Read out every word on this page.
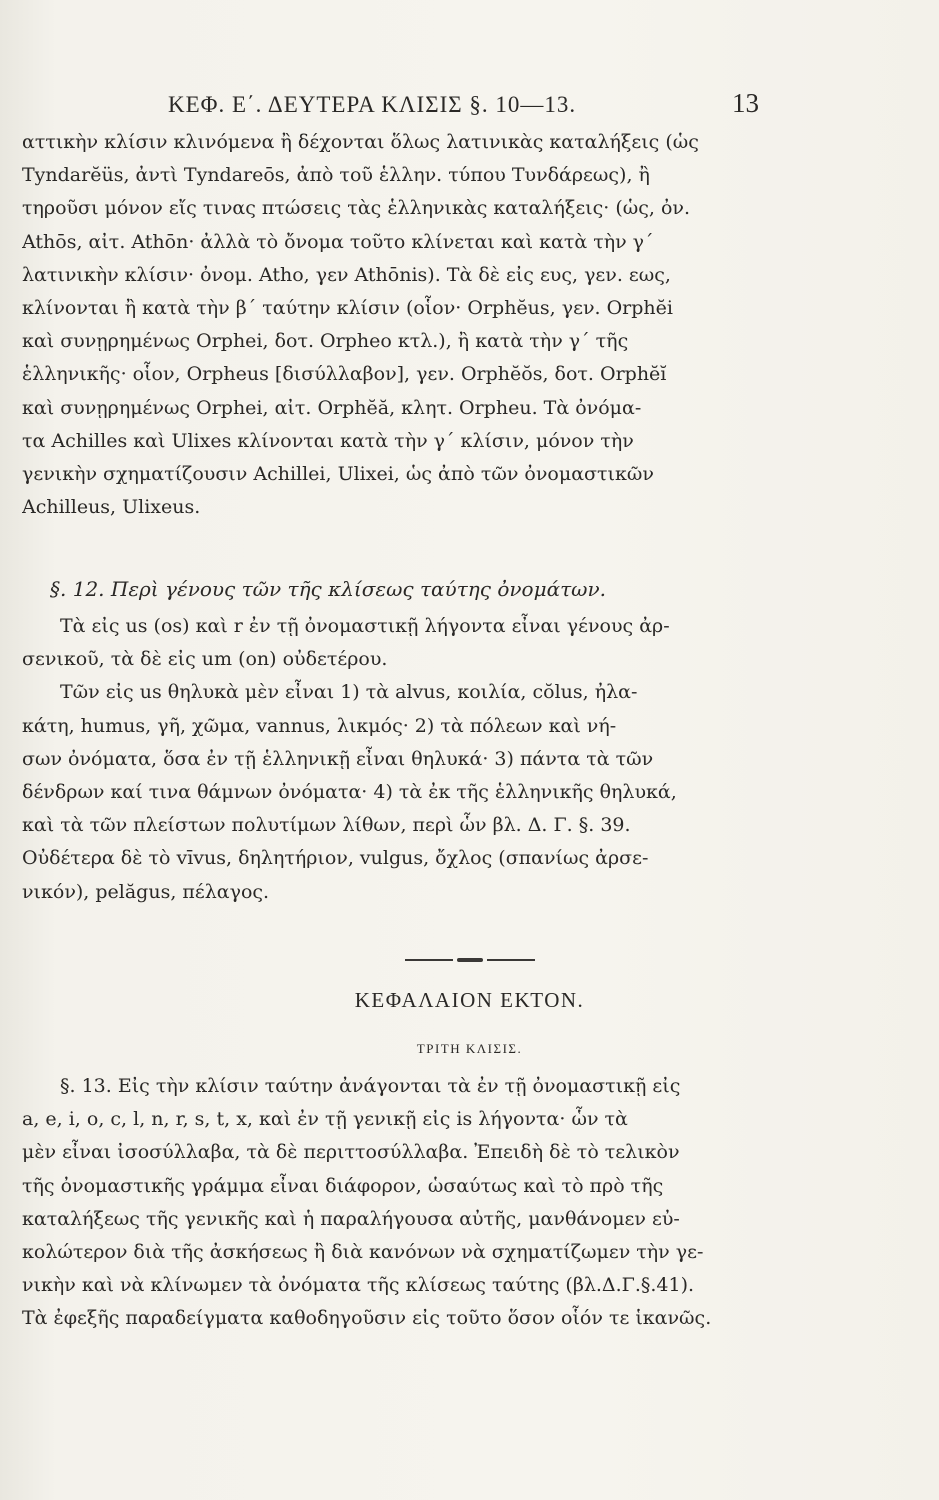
ΚΕΦ. Ε΄. ΔΕΥΤΕΡΑ ΚΛΙΣΙΣ §. 10—13.	13
αττικὴν κλίσιν κλινόμενα ἢ δέχονται ὅλως λατινικὰς καταλήξεις (ὡς
Tyndarĕüs, ἀντὶ Tyndareōs, ἀπὸ τοῦ ἑλλην. τύπου Τυνδάρεως), ἢ
τηροῦσι μόνον εἴς τινας πτώσεις τὰς ἑλληνικὰς καταλήξεις· (ὡς, ὀν.
Athōs, αἰτ. Athōn· ἀλλὰ τὸ ὄνομα τοῦτο κλίνεται καὶ κατὰ τὴν γ΄
λατινικὴν κλίσιν· ὀνομ. Atho, γεν Athōnis). Τὰ δὲ εἰς ευς, γεν. εως,
κλίνονται ἢ κατὰ τὴν β΄ ταύτην κλίσιν (οἷον· Orphĕus, γεν. Orphĕi
καὶ συνῃρημένως Orphei, δοτ. Orpheo κτλ.), ἢ κατὰ τὴν γ΄ τῆς
ἑλληνικῆς· οἷον, Orpheus [δισύλλαβον], γεν. Orphĕŏs, δοτ. Orphĕĭ
καὶ συνῃρημένως Orphei, αἰτ. Orphĕă, κλητ. Orpheu. Τὰ ὀνόμα-
τα Achilles καὶ Ulixes κλίνονται κατὰ τὴν γ΄ κλίσιν, μόνον τὴν
γενικὴν σχηματίζουσιν Achillei, Ulixei, ὡς ἀπὸ τῶν ὀνομαστικῶν
Achilleus, Ulixeus.
§. 12. Περὶ γένους τῶν τῆς κλίσεως ταύτης ὀνομάτων.
Τὰ εἰς us (os) καὶ r ἐν τῇ ὀνομαστικῇ λήγοντα εἶναι γένους ἀρ-
σενικοῦ, τὰ δὲ εἰς um (on) οὐδετέρου.
Τῶν εἰς us θηλυκὰ μὲν εἶναι 1) τὰ alvus, κοιλία, cŏlus, ἠλα-
κάτη, humus, γῆ, χῶμα, vannus, λικμός· 2) τὰ πόλεων καὶ νή-
σων ὀνόματα, ὅσα ἐν τῇ ἑλληνικῇ εἶναι θηλυκά· 3) πάντα τὰ τῶν
δένδρων καί τινα θάμνων ὀνόματα· 4) τὰ ἐκ τῆς ἑλληνικῆς θηλυκά,
καὶ τὰ τῶν πλείστων πολυτίμων λίθων, περὶ ὧν βλ. Δ. Γ. §. 39.
Οὐδέτερα δὲ τὸ vīvus, δηλητήριον, vulgus, ὄχλος (σπανίως ἀρσε-
νικόν), pelăgus, πέλαγος.
ΚΕΦΑΛΑΙΟΝ ΕΚΤΟΝ.
ΤΡΙΤΗ ΚΛΙΣΙΣ.
§. 13. Εἰς τὴν κλίσιν ταύτην ἀνάγονται τὰ ἐν τῇ ὀνομαστικῇ εἰς
a, e, i, o, c, l, n, r, s, t, x, καὶ ἐν τῇ γενικῇ εἰς is λήγοντα· ὧν τὰ
μὲν εἶναι ἰσοσύλλαβα, τὰ δὲ περιττοσύλλαβα. Ἐπειδὴ δὲ τὸ τελικὸν
τῆς ὀνομαστικῆς γράμμα εἶναι διάφορον, ὡσαύτως καὶ τὸ πρὸ τῆς
καταλήξεως τῆς γενικῆς καὶ ἡ παραλήγουσα αὐτῆς, μανθάνομεν εὐ-
κολώτερον διὰ τῆς ἀσκήσεως ἢ διὰ κανόνων νὰ σχηματίζωμεν τὴν γε-
νικὴν καὶ νὰ κλίνωμεν τὰ ὀνόματα τῆς κλίσεως ταύτης (βλ.Δ.Γ.§.41).
Τὰ ἐφεξῆς παραδείγματα καθοδηγοῦσιν εἰς τοῦτο ὅσον οἷόν τε ἱκανῶς.
